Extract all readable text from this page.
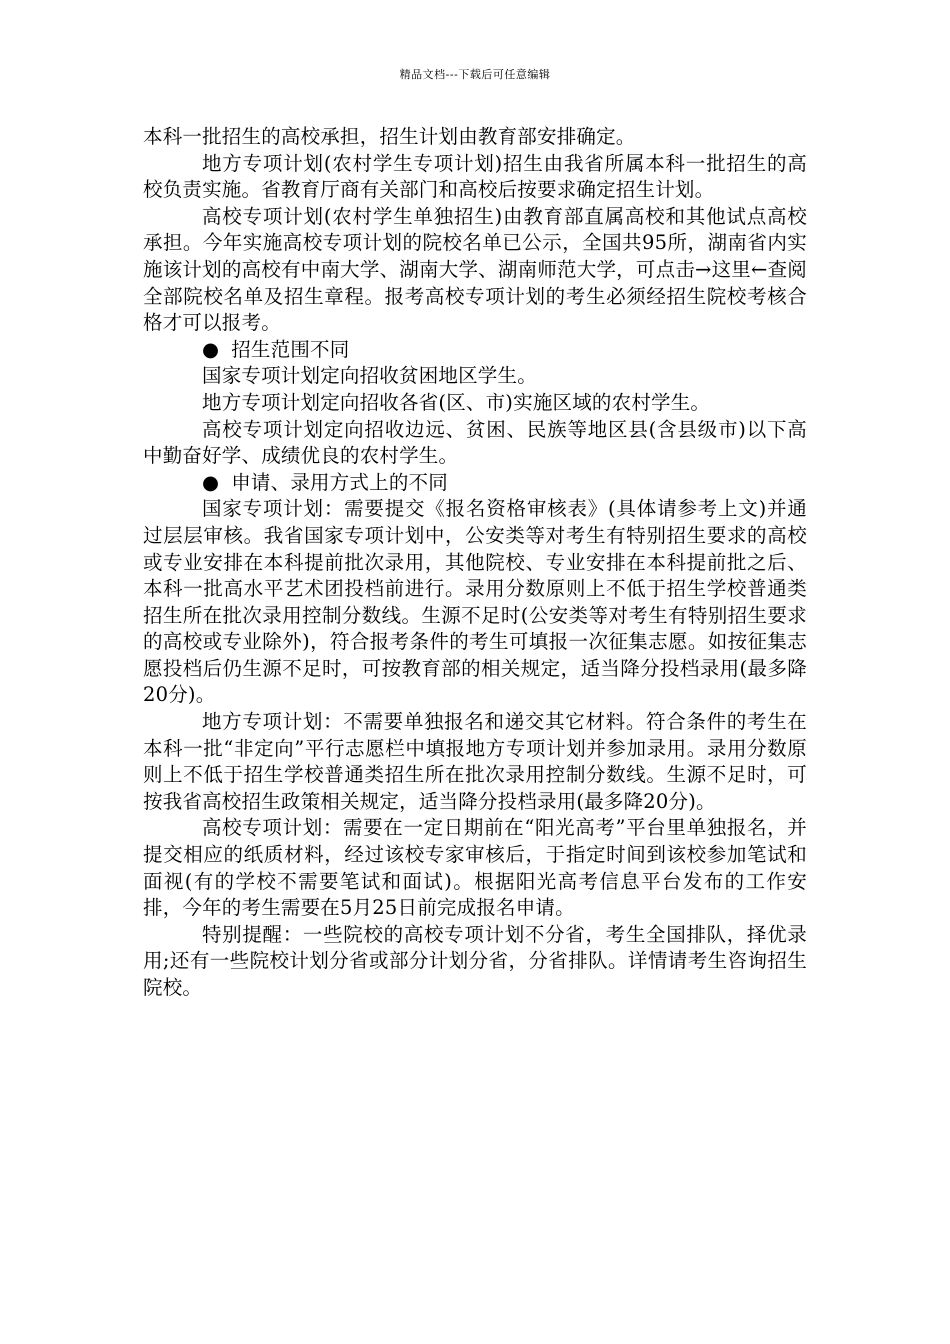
精品文档---下载后可任意编辑

本科一批招生的高校承担，招生计划由教育部安排确定。

地方专项计划(农村学生专项计划)招生由我省所属本科一批招生的高校负责实施。省教育厅商有关部门和高校后按要求确定招生计划。

高校专项计划(农村学生单独招生)由教育部直属高校和其他试点高校承担。今年实施高校专项计划的院校名单已公示，全国共95所，湖南省内实施该计划的高校有中南大学、湖南大学、湖南师范大学，可点击→这里←查阅全部院校名单及招生章程。报考高校专项计划的考生必须经招生院校考核合格才可以报考。

● 招生范围不同

国家专项计划定向招收贫困地区学生。

地方专项计划定向招收各省(区、市)实施区域的农村学生。

高校专项计划定向招收边远、贫困、民族等地区县(含县级市)以下高中勤奋好学、成绩优良的农村学生。

● 申请、录用方式上的不同

国家专项计划：需要提交《报名资格审核表》(具体请参考上文)并通过层层审核。我省国家专项计划中，公安类等对考生有特别招生要求的高校或专业安排在本科提前批次录用，其他院校、专业安排在本科提前批之后、本科一批高水平艺术团投档前进行。录用分数原则上不低于招生学校普通类招生所在批次录用控制分数线。生源不足时(公安类等对考生有特别招生要求的高校或专业除外)，符合报考条件的考生可填报一次征集志愿。如按征集志愿投档后仍生源不足时，可按教育部的相关规定，适当降分投档录用(最多降20分)。

地方专项计划：不需要单独报名和递交其它材料。符合条件的考生在本科一批“非定向”平行志愿栏中填报地方专项计划并参加录用。录用分数原则上不低于招生学校普通类招生所在批次录用控制分数线。生源不足时，可按我省高校招生政策相关规定，适当降分投档录用(最多降20分)。

高校专项计划：需要在一定日期前在“阳光高考”平台里单独报名，并提交相应的纸质材料，经过该校专家审核后，于指定时间到该校参加笔试和面视(有的学校不需要笔试和面试)。根据阳光高考信息平台发布的工作安排，今年的考生需要在5月25日前完成报名申请。

特别提醒：一些院校的高校专项计划不分省，考生全国排队，择优录用;还有一些院校计划分省或部分计划分省，分省排队。详情请考生咨询招生院校。
